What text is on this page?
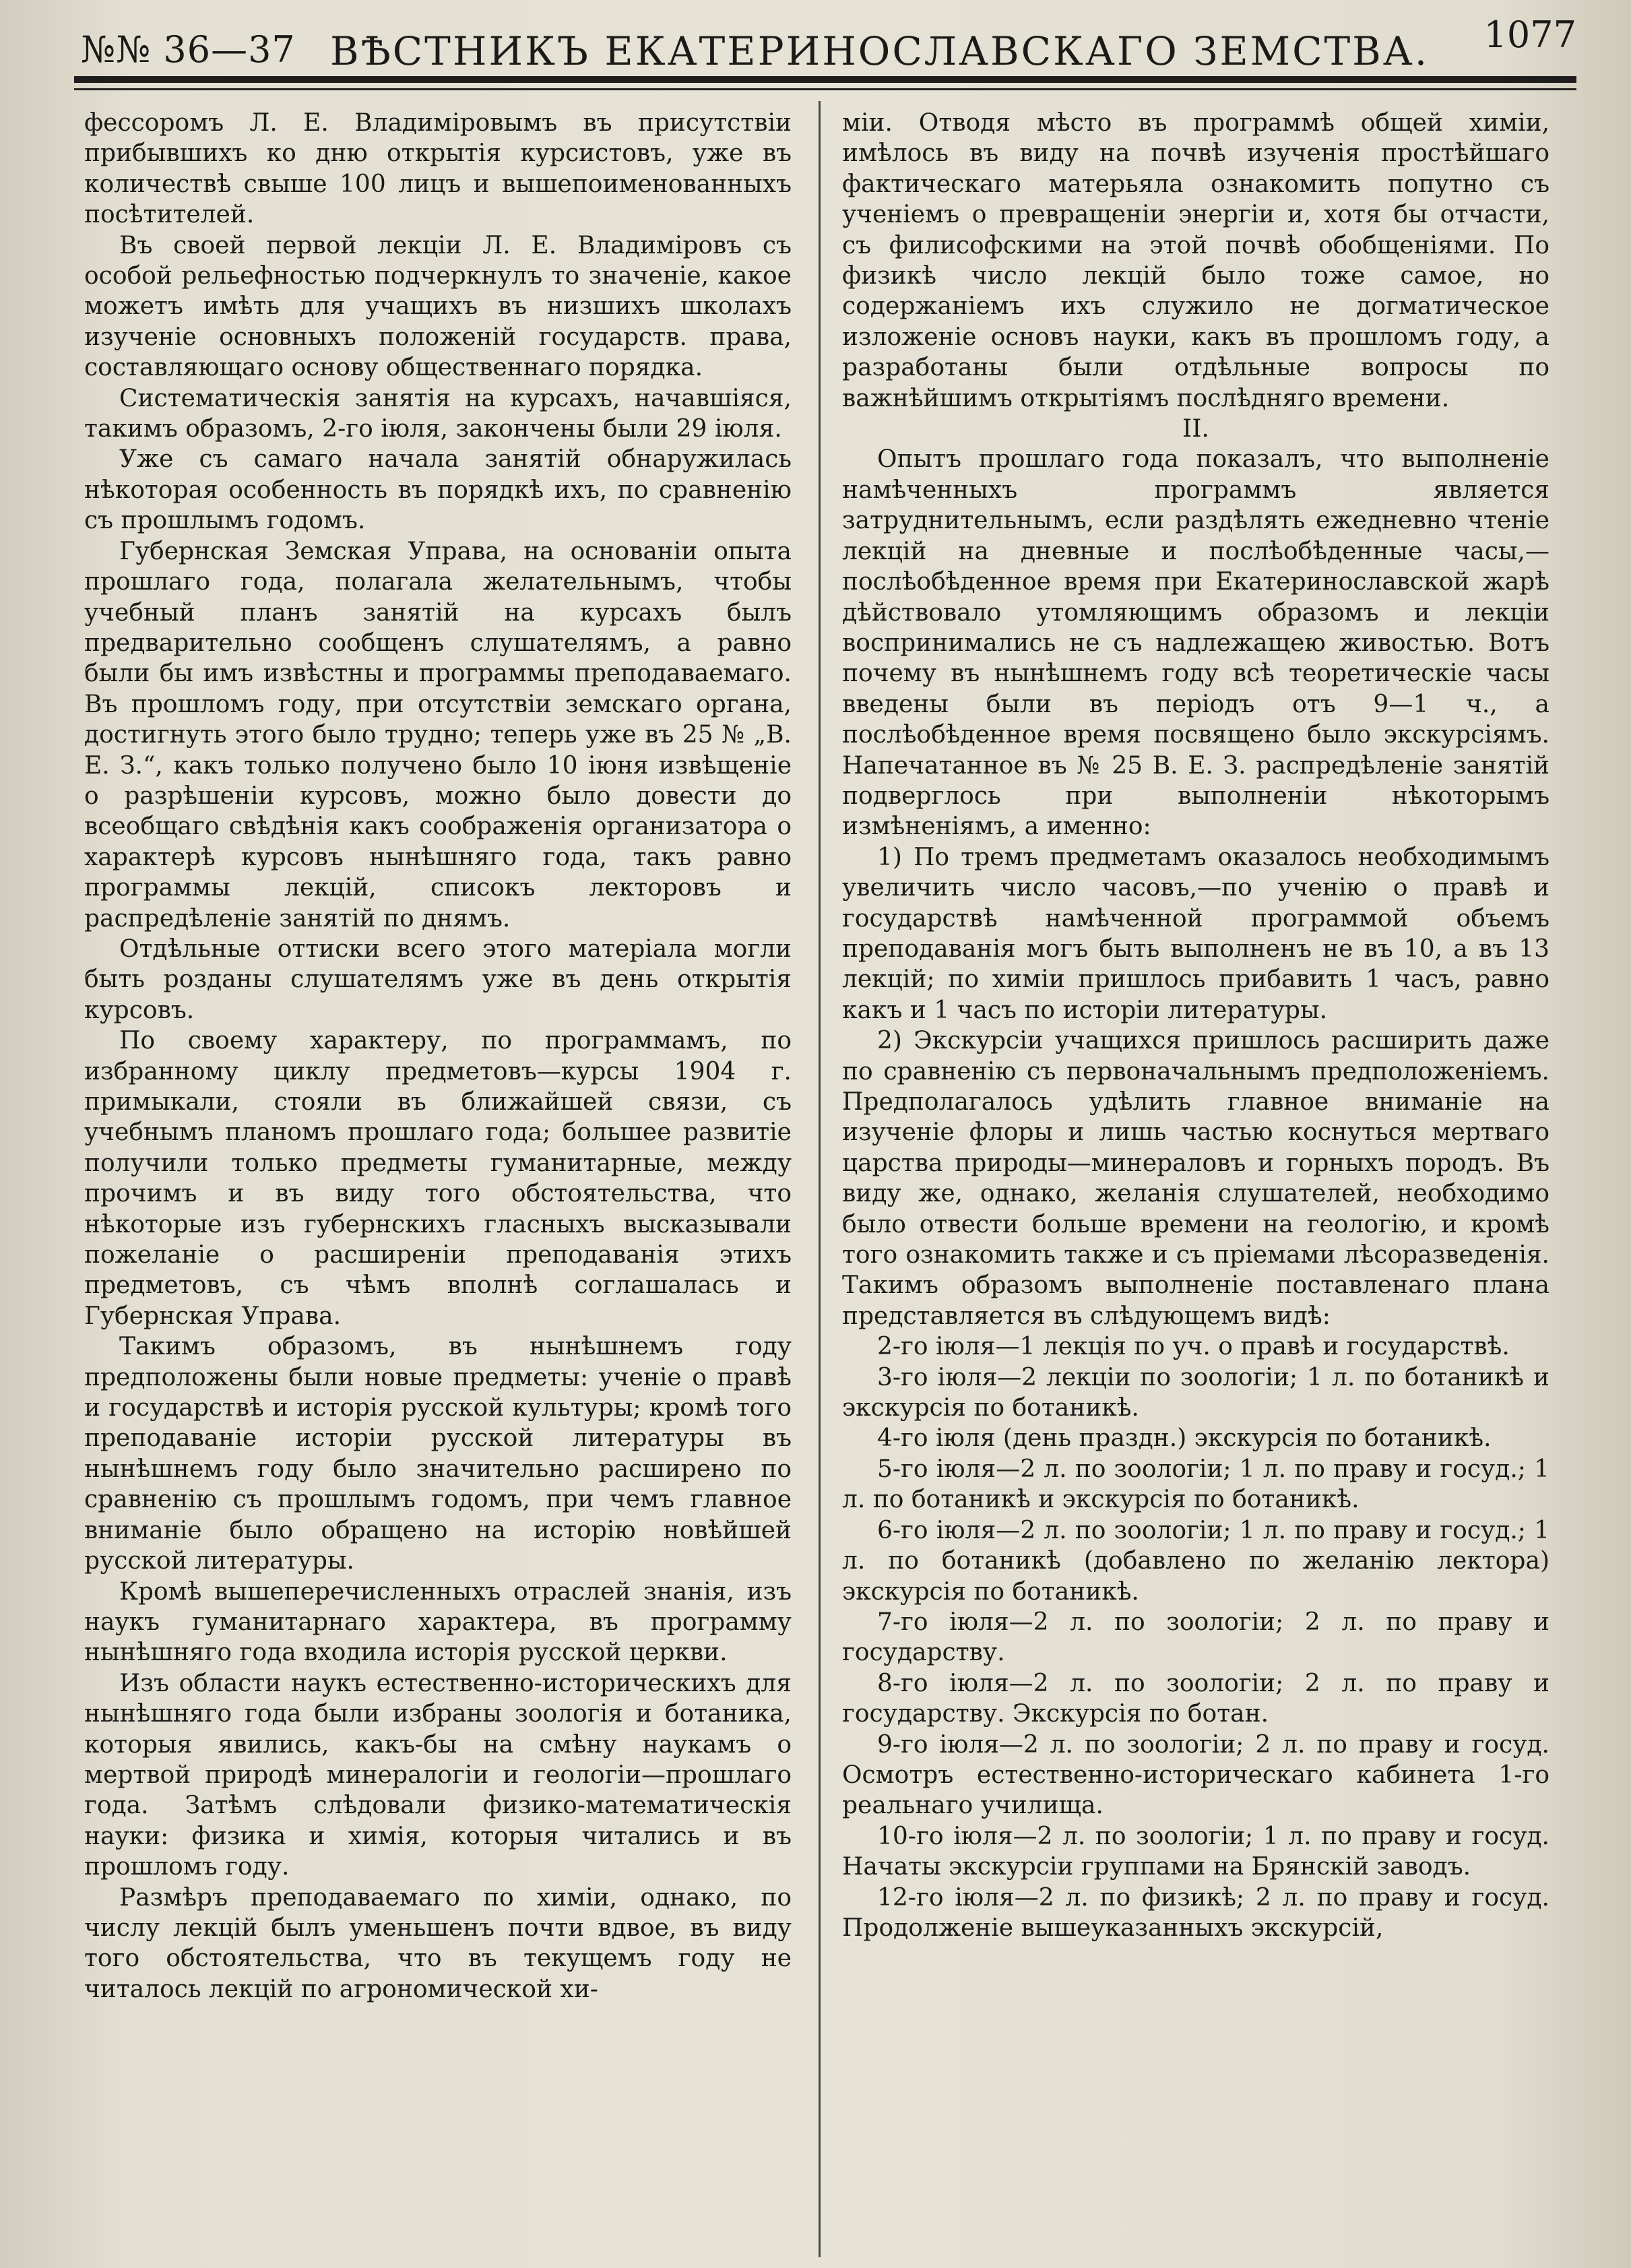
№№ 36—37 ВѢСТНИКЪ ЕКАТЕРИНОСЛАВСКАГО ЗЕМСТВА. 1077

фессоромъ Л. Е. Владиміровымъ въ присутствіи прибывшихъ ко дню открытія курсистовъ, уже въ количествѣ свыше 100 лицъ и вышепоименованныхъ посѣтителей.

Въ своей первой лекціи Л. Е. Владиміровъ съ особой рельефностью подчеркнулъ то значеніе, какое можетъ имѣть для учащихъ въ низшихъ школахъ изученіе основныхъ положеній государств. права, составляющаго основу общественнаго порядка.

Систематическія занятія на курсахъ, начавшіяся, такимъ образомъ, 2-го іюля, закончены были 29 іюля.

Уже съ самаго начала занятій обнаружилась нѣкоторая особенность въ порядкѣ ихъ, по сравненію съ прошлымъ годомъ.

Губернская Земская Управа, на основаніи опыта прошлаго года, полагала желательнымъ, чтобы учебный планъ занятій на курсахъ былъ предварительно сообщенъ слушателямъ, а равно были бы имъ извѣстны и программы преподаваемаго. Въ прошломъ году, при отсутствіи земскаго органа, достигнуть этого было трудно; теперь уже въ 25 № „В. Е. З.“, какъ только получено было 10 іюня извѣщеніе о разрѣшеніи курсовъ, можно было довести до всеобщаго свѣдѣнія какъ соображенія организатора о характерѣ курсовъ нынѣшняго года, такъ равно программы лекцій, списокъ лекторовъ и распредѣленіе занятій по днямъ.

Отдѣльные оттиски всего этого матеріала могли быть розданы слушателямъ уже въ день открытія курсовъ.

По своему характеру, по программамъ, по избранному циклу предметовъ—курсы 1904 г. примыкали, стояли въ ближайшей связи, съ учебнымъ планомъ прошлаго года; большее развитіе получили только предметы гуманитарные, между прочимъ и въ виду того обстоятельства, что нѣкоторые изъ губернскихъ гласныхъ высказывали пожеланіе о расширеніи преподаванія этихъ предметовъ, съ чѣмъ вполнѣ соглашалась и Губернская Управа.

Такимъ образомъ, въ нынѣшнемъ году предположены были новые предметы: ученіе о правѣ и государствѣ и исторія русской культуры; кромѣ того преподаваніе исторіи русской литературы въ нынѣшнемъ году было значительно расширено по сравненію съ прошлымъ годомъ, при чемъ главное вниманіе было обращено на исторію новѣйшей русской литературы.

Кромѣ вышеперечисленныхъ отраслей знанія, изъ наукъ гуманитарнаго характера, въ программу нынѣшняго года входила исторія русской церкви.

Изъ области наукъ естественно-историческихъ для нынѣшняго года были избраны зоологія и ботаника, которыя явились, какъ-бы на смѣну наукамъ о мертвой природѣ минералогіи и геологіи—прошлаго года. Затѣмъ слѣдовали физико-математическія науки: физика и химія, которыя читались и въ прошломъ году.

Размѣръ преподаваемаго по химіи, однако, по числу лекцій былъ уменьшенъ почти вдвое, въ виду того обстоятельства, что въ текущемъ году не читалось лекцій по агрономической хи-

міи. Отводя мѣсто въ программѣ общей химіи, имѣлось въ виду на почвѣ изученія простѣйшаго фактическаго матерьяла ознакомить попутно съ ученіемъ о превращеніи энергіи и, хотя бы отчасти, съ филисофскими на этой почвѣ обобщеніями. По физикѣ число лекцій было тоже самое, но содержаніемъ ихъ служило не догматическое изложеніе основъ науки, какъ въ прошломъ году, а разработаны были отдѣльные вопросы по важнѣйшимъ открытіямъ послѣдняго времени.

II.

Опытъ прошлаго года показалъ, что выполненіе намѣченныхъ программъ является затруднительнымъ, если раздѣлять ежедневно чтеніе лекцій на дневные и послѣобѣденные часы,—послѣобѣденное время при Екатеринославской жарѣ дѣйствовало утомляющимъ образомъ и лекціи воспринимались не съ надлежащею живостью. Вотъ почему въ нынѣшнемъ году всѣ теоретическіе часы введены были въ періодъ отъ 9—1 ч., а послѣобѣденное время посвящено было экскурсіямъ. Напечатанное въ № 25 В. Е. З. распредѣленіе занятій подверглось при выполненіи нѣкоторымъ измѣненіямъ, а именно:

1) По тремъ предметамъ оказалось необходимымъ увеличить число часовъ,—по ученію о правѣ и государствѣ намѣченной программой объемъ преподаванія могъ быть выполненъ не въ 10, а въ 13 лекцій; по химіи пришлось прибавить 1 часъ, равно какъ и 1 часъ по исторіи литературы.

2) Экскурсіи учащихся пришлось расширить даже по сравненію съ первоначальнымъ предположеніемъ. Предполагалось удѣлить главное вниманіе на изученіе флоры и лишь частью коснуться мертваго царства природы—минераловъ и горныхъ породъ. Въ виду же, однако, желанія слушателей, необходимо было отвести больше времени на геологію, и кромѣ того ознакомить также и съ пріемами лѣсоразведенія. Такимъ образомъ выполненіе поставленаго плана представляется въ слѣдующемъ видѣ:

2-го іюля—1 лекція по уч. о правѣ и государствѣ.

3-го іюля—2 лекціи по зоологіи; 1 л. по ботаникѣ и экскурсія по ботаникѣ.

4-го іюля (день праздн.) экскурсія по ботаникѣ.

5-го іюля—2 л. по зоологіи; 1 л. по праву и госуд.; 1 л. по ботаникѣ и экскурсія по ботаникѣ.

6-го іюля—2 л. по зоологіи; 1 л. по праву и госуд.; 1 л. по ботаникѣ (добавлено по желанію лектора) экскурсія по ботаникѣ.

7-го іюля—2 л. по зоологіи; 2 л. по праву и государству.

8-го іюля—2 л. по зоологіи; 2 л. по праву и государству. Экскурсія по ботан.

9-го іюля—2 л. по зоологіи; 2 л. по праву и госуд. Осмотръ естественно-историческаго кабинета 1-го реальнаго училища.

10-го іюля—2 л. по зоологіи; 1 л. по праву и госуд. Начаты экскурсіи группами на Брянскій заводъ.

12-го іюля—2 л. по физикѣ; 2 л. по праву и госуд. Продолженіе вышеуказанныхъ экскурсій,
